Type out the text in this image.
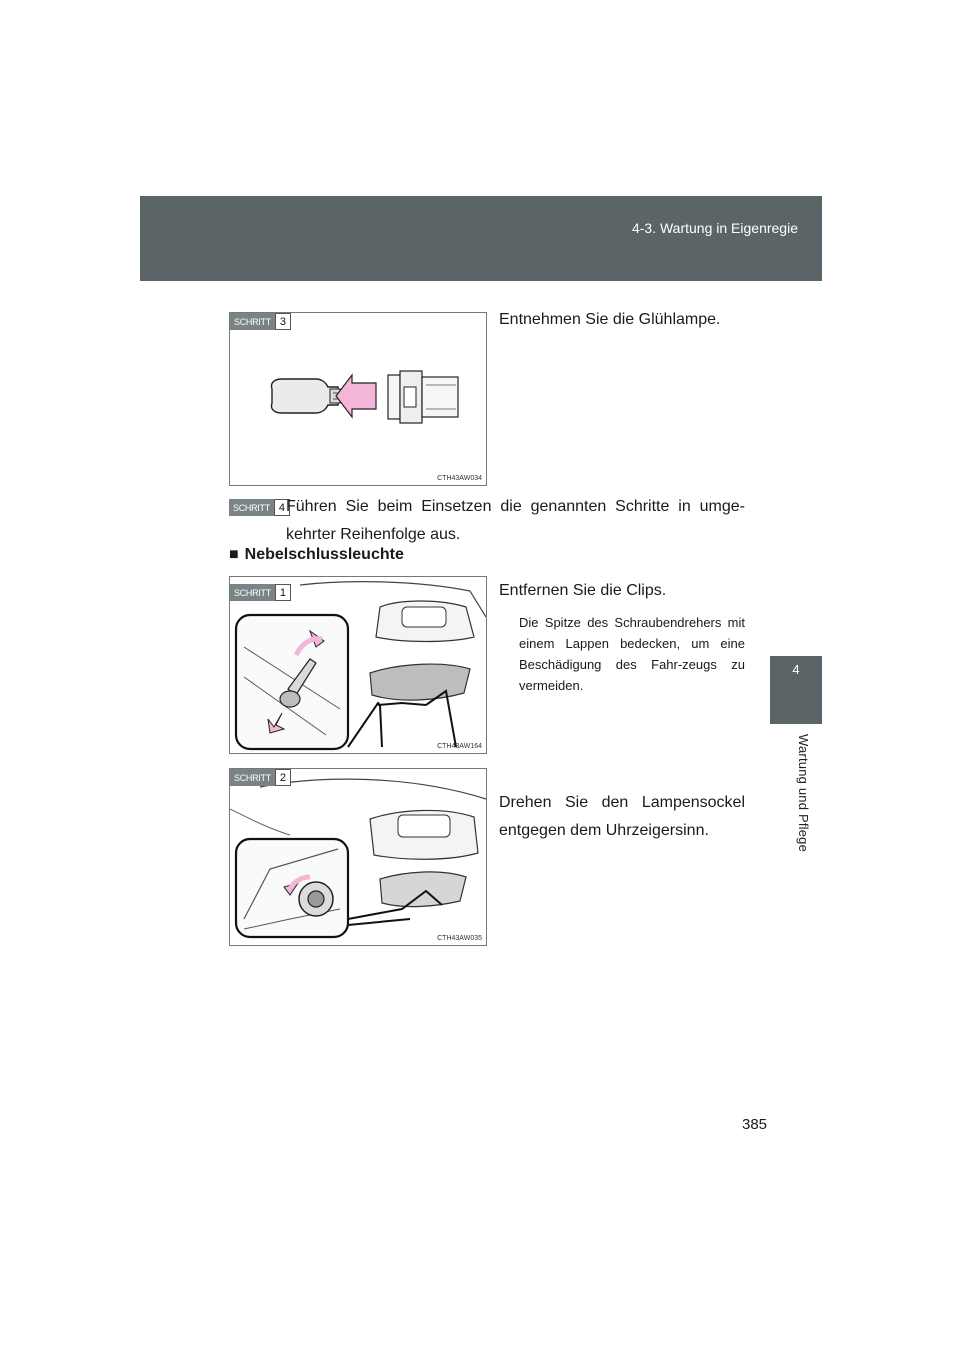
4-3. Wartung in Eigenregie
4
Wartung und Pflege
SCHRITT 3
CTH43AW034
Entnehmen Sie die Glühlampe.
SCHRITT 4 Führen Sie beim Einsetzen die genannten Schritte in umge-kehrter Reihenfolge aus.
■ Nebelschlussleuchte
SCHRITT 1
CTH43AW164
Entfernen Sie die Clips.
Die Spitze des Schraubendrehers mit einem Lappen bedecken, um eine Beschädigung des Fahr-zeugs zu vermeiden.
SCHRITT 2
CTH43AW035
Drehen Sie den Lampensockel entgegen dem Uhrzeigersinn.
385
